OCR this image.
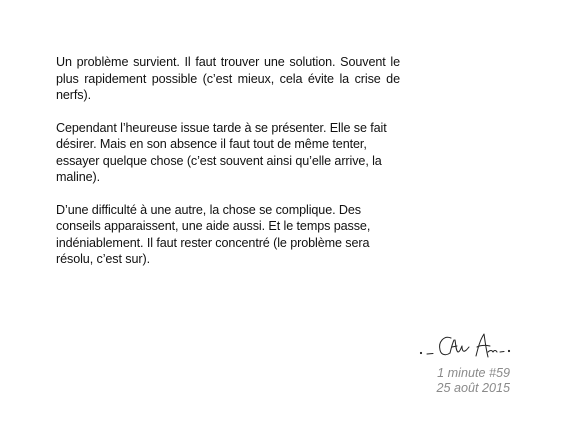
Un problème survient. Il faut trouver une solution. Souvent le plus rapidement possible (c’est mieux, cela évite la crise de nerfs).

Cependant l’heureuse issue tarde à se présenter. Elle se fait désirer. Mais en son absence il faut tout de même tenter, essayer quelque chose (c’est souvent ainsi qu’elle arrive, la maline).

D’une difficulté à une autre, la chose se complique. Des conseils apparaissent, une aide aussi. Et le temps passe, indéniablement. Il faut rester concentré (le problème sera résolu, c’est sur).

1 minute #59
25 août 2015
